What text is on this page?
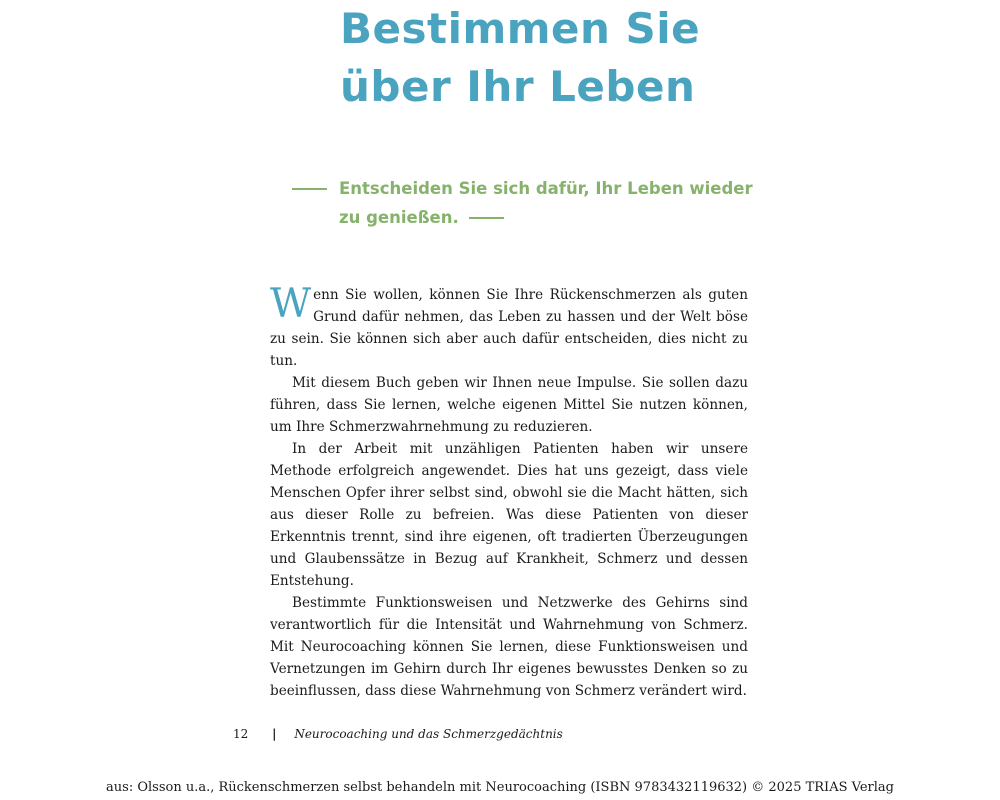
Bestimmen Sie
über Ihr Leben
Entscheiden Sie sich dafür, Ihr Leben wieder
zu genießen.

Wenn Sie wollen, können Sie Ihre Rückenschmerzen als guten Grund dafür nehmen, das Leben zu hassen und der Welt böse zu sein. Sie können sich aber auch dafür entscheiden, dies nicht zu tun.

Mit diesem Buch geben wir Ihnen neue Impulse. Sie sollen dazu führen, dass Sie lernen, welche eigenen Mittel Sie nutzen können, um Ihre Schmerzwahrnehmung zu reduzieren.

In der Arbeit mit unzähligen Patienten haben wir unsere Methode erfolgreich angewendet. Dies hat uns gezeigt, dass viele Menschen Opfer ihrer selbst sind, obwohl sie die Macht hätten, sich aus dieser Rolle zu befreien. Was diese Patienten von dieser Erkenntnis trennt, sind ihre eigenen, oft tradierten Überzeugungen und Glaubenssätze in Bezug auf Krankheit, Schmerz und dessen Entstehung.

Bestimmte Funktionsweisen und Netzwerke des Gehirns sind verantwortlich für die Intensität und Wahrnehmung von Schmerz. Mit Neurocoaching können Sie lernen, diese Funktionsweisen und Vernetzungen im Gehirn durch Ihr eigenes bewusstes Denken so zu beeinflussen, dass diese Wahrnehmung von Schmerz verändert wird.

12 | Neurocoaching und das Schmerzgedächtnis
aus: Olsson u.a., Rückenschmerzen selbst behandeln mit Neurocoaching (ISBN 9783432119632) © 2025 TRIAS Verlag
